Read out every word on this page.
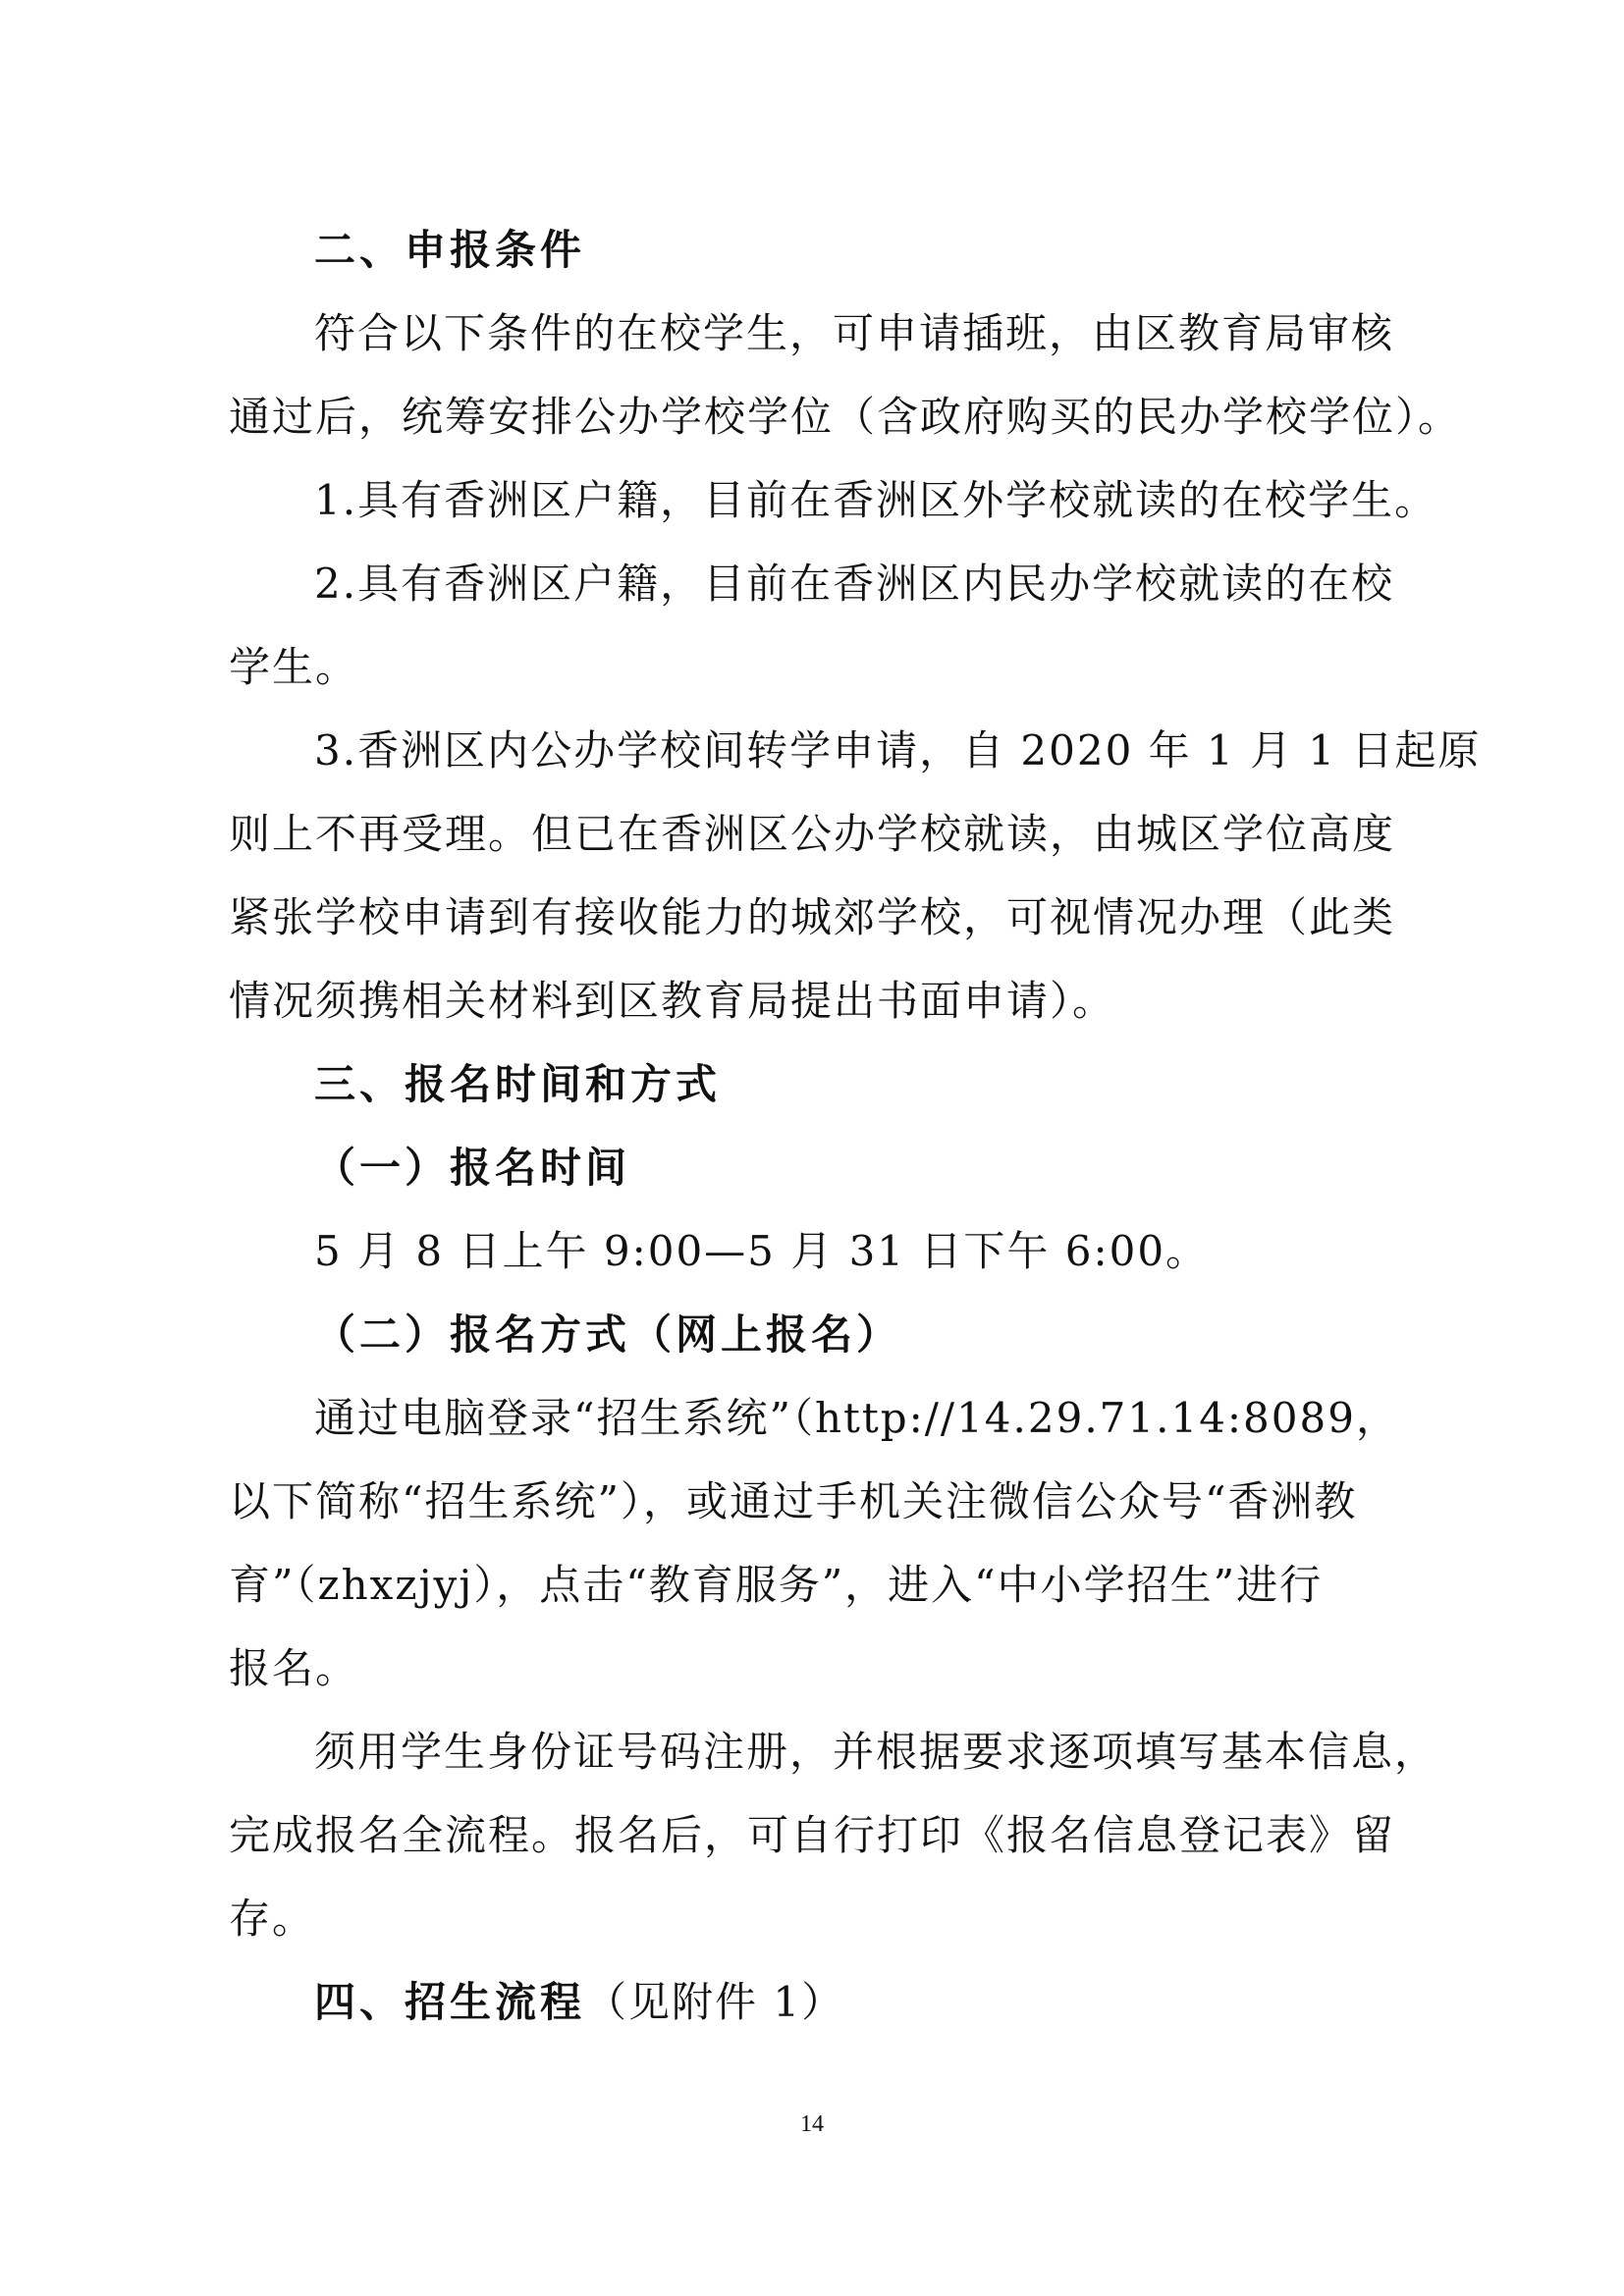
二、申报条件
符合以下条件的在校学生，可申请插班，由区教育局审核
通过后，统筹安排公办学校学位（含政府购买的民办学校学位）。
1.具有香洲区户籍，目前在香洲区外学校就读的在校学生。
2.具有香洲区户籍，目前在香洲区内民办学校就读的在校
学生。
3.香洲区内公办学校间转学申请，自 2020 年 1 月 1 日起原
则上不再受理。但已在香洲区公办学校就读，由城区学位高度
紧张学校申请到有接收能力的城郊学校，可视情况办理（此类
情况须携相关材料到区教育局提出书面申请）。
三、报名时间和方式
（一）报名时间
5 月 8 日上午 9:00—5 月 31 日下午 6:00。
（二）报名方式（网上报名）
通过电脑登录“招生系统”（http://14.29.71.14:8089，
以下简称“招生系统”），或通过手机关注微信公众号“香洲教
育”（zhxzjyj），点击“教育服务”，进入“中小学招生”进行
报名。
须用学生身份证号码注册，并根据要求逐项填写基本信息，
完成报名全流程。报名后，可自行打印《报名信息登记表》留
存。
四、招生流程（见附件 1）
14
